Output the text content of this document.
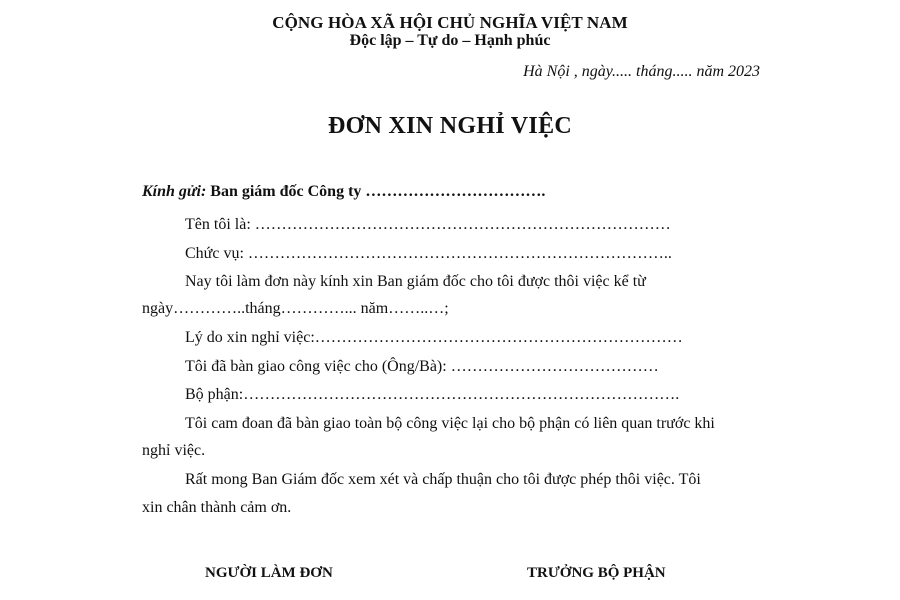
CỘNG HÒA XÃ HỘI CHỦ NGHĨA VIỆT NAM

Độc lập – Tự do – Hạnh phúc

Hà Nội , ngày..... tháng..... năm 2023

ĐƠN XIN NGHỈ VIỆC

Kính gửi: Ban giám đốc Công ty …………………………….

Tên tôi là: ……………………………………………………………………

Chức vụ: ……………………………………………………………………..

Nay tôi làm đơn này kính xin Ban giám đốc cho tôi được thôi việc kể từ

ngày…………..tháng…………... năm……..…;

Lý do xin nghỉ việc:……………………………………………………………

Tôi đã bàn giao công việc cho (Ông/Bà): …………………………………

Bộ phận:……………………………………………………………………….

Tôi cam đoan đã bàn giao toàn bộ công việc lại cho bộ phận có liên quan trước khi

nghỉ việc.

Rất mong Ban Giám đốc xem xét và chấp thuận cho tôi được phép thôi việc. Tôi

xin chân thành cảm ơn.

NGƯỜI LÀM ĐƠN	TRƯỞNG BỘ PHẬN
